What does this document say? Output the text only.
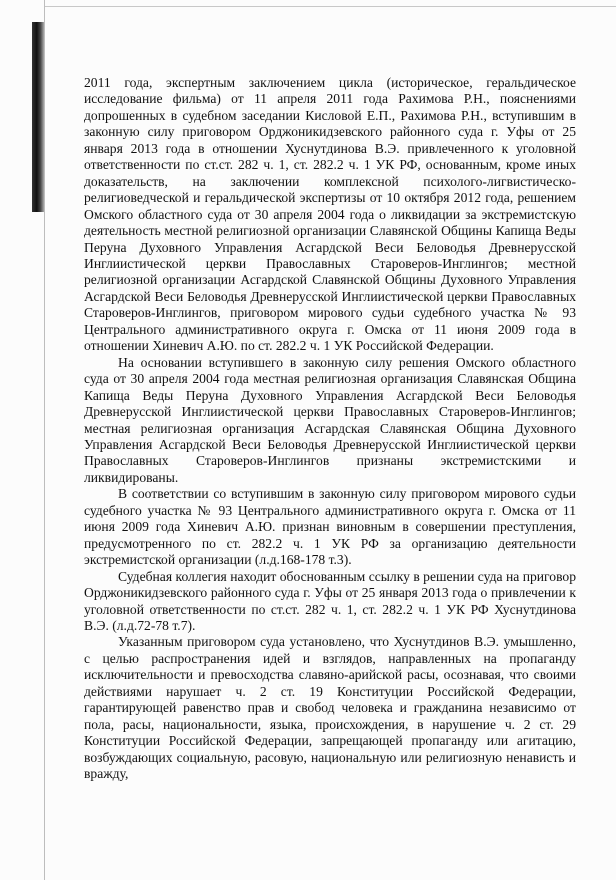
2011 года, экспертным заключением цикла (историческое, геральдическое исследование фильма) от 11 апреля 2011 года Рахимова Р.Н., пояснениями допрошенных в судебном заседании Кисловой Е.П., Рахимова Р.Н., вступившим в законную силу приговором Орджоникидзевского районного суда г. Уфы от 25 января 2013 года в отношении Хуснутдинова В.Э. привлеченного к уголовной ответственности по ст.ст. 282 ч. 1, ст. 282.2 ч. 1 УК РФ, основанным, кроме иных доказательств, на заключении комплексной психолого-лигвистическо-религиоведческой и геральдической экспертизы от 10 октября 2012 года, решением Омского областного суда от 30 апреля 2004 года о ликвидации за экстремистскую деятельность местной религиозной организации Славянской Общины Капища Веды Перуна Духовного Управления Асгардской Веси Беловодья Древнерусской Инглиистической церкви Православных Староверов-Инглингов; местной религиозной организации Асгардской Славянской Общины Духовного Управления Асгардской Веси Беловодья Древнерусской Инглиистической церкви Православных Староверов-Инглингов, приговором мирового судьи судебного участка № 93 Центрального административного округа г. Омска от 11 июня 2009 года в отношении Хиневич А.Ю. по ст. 282.2 ч. 1 УК Российской Федерации.

На основании вступившего в законную силу решения Омского областного суда от 30 апреля 2004 года местная религиозная организация Славянская Община Капища Веды Перуна Духовного Управления Асгардской Веси Беловодья Древнерусской Инглиистической церкви Православных Староверов-Инглингов; местная религиозная организация Асгардская Славянская Община Духовного Управления Асгардской Веси Беловодья Древнерусской Инглиистической церкви Православных Староверов-Инглингов признаны экстремистскими и ликвидированы.

В соответствии со вступившим в законную силу приговором мирового судьи судебного участка № 93 Центрального административного округа г. Омска от 11 июня 2009 года Хиневич А.Ю. признан виновным в совершении преступления, предусмотренного по ст. 282.2 ч. 1 УК РФ за организацию деятельности экстремистской организации (л.д.168-178 т.3).

Судебная коллегия находит обоснованным ссылку в решении суда на приговор Орджоникидзевского районного суда г. Уфы от 25 января 2013 года о привлечении к уголовной ответственности по ст.ст. 282 ч. 1, ст. 282.2 ч. 1 УК РФ Хуснутдинова В.Э. (л.д.72-78 т.7).

Указанным приговором суда установлено, что Хуснутдинов В.Э. умышленно, с целью распространения идей и взглядов, направленных на пропаганду исключительности и превосходства славяно-арийской расы, осознавая, что своими действиями нарушает ч. 2 ст. 19 Конституции Российской Федерации, гарантирующей равенство прав и свобод человека и гражданина независимо от пола, расы, национальности, языка, происхождения, в нарушение ч. 2 ст. 29 Конституции Российской Федерации, запрещающей пропаганду или агитацию, возбуждающих социальную, расовую, национальную или религиозную ненависть и вражду,
